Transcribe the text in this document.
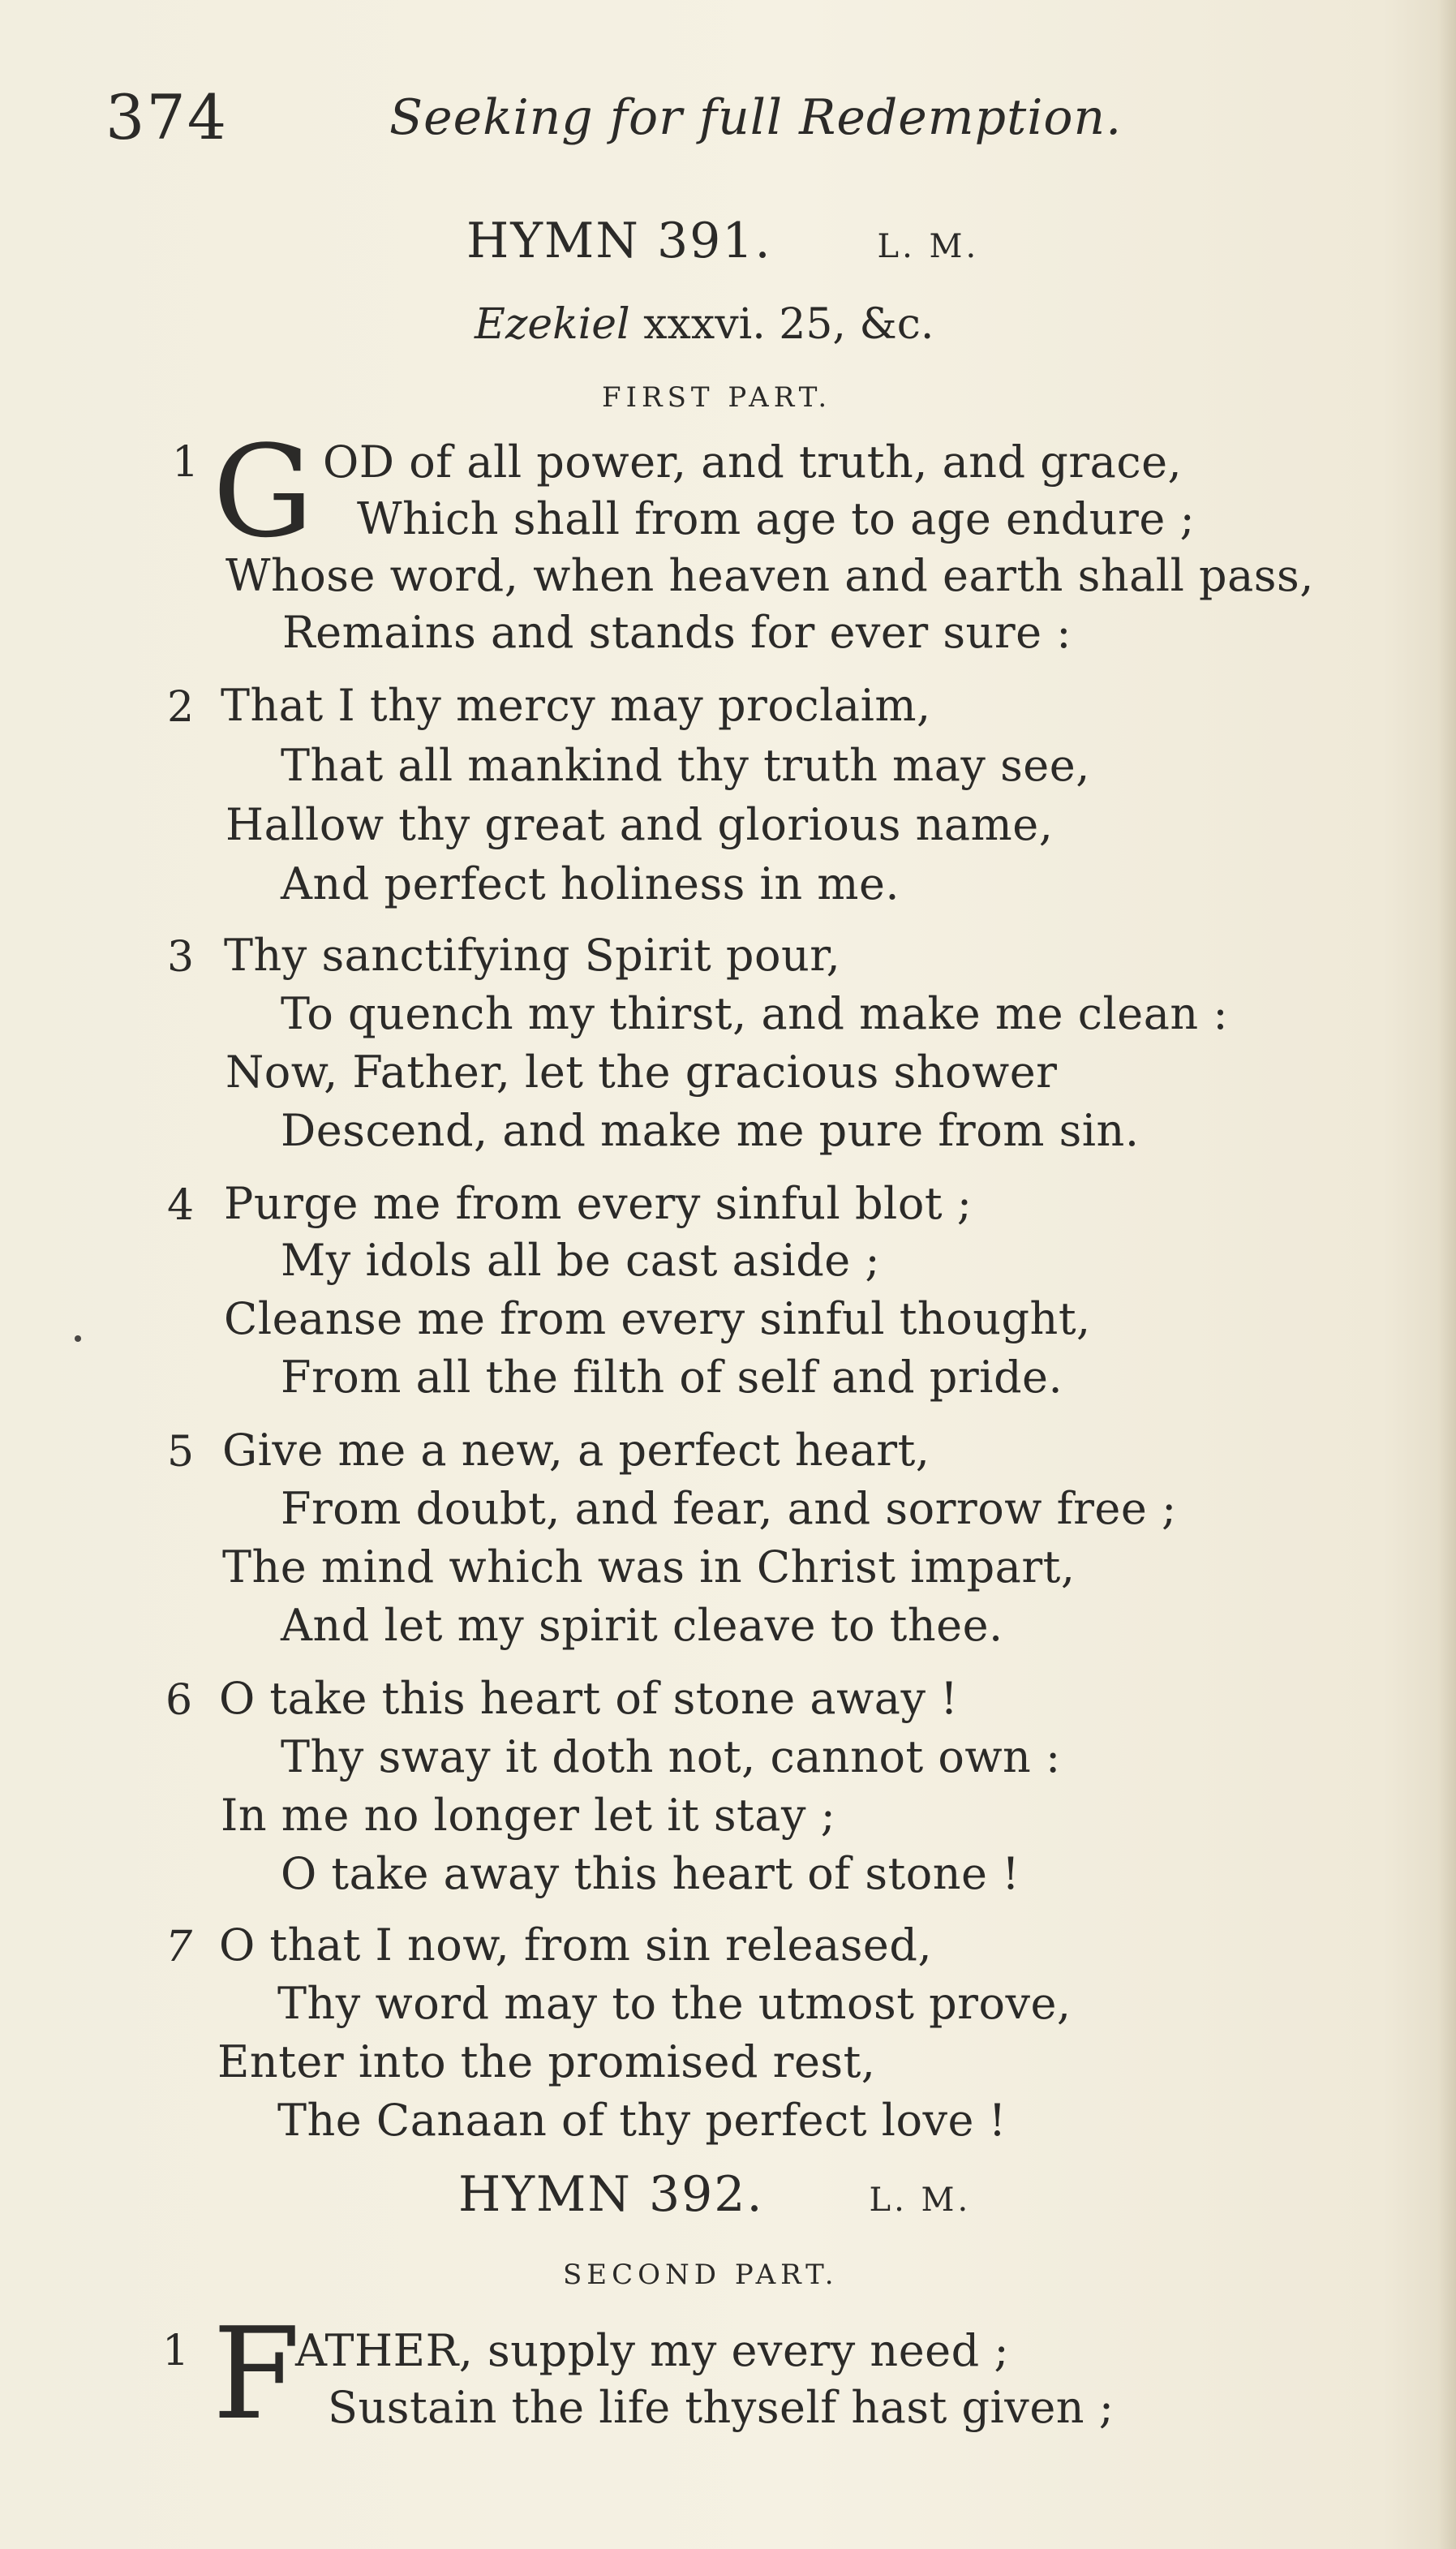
374	Seeking for full Redemption.
HYMN 391.	L. M.
Ezekiel xxxvi. 25, &c.
FIRST PART.
1 G OD of all power, and truth, and grace,
Which shall from age to age endure ;
Whose word, when heaven and earth shall pass,
Remains and stands for ever sure :
2 That I thy mercy may proclaim,
That all mankind thy truth may see,
Hallow thy great and glorious name,
And perfect holiness in me.
3 Thy sanctifying Spirit pour,
To quench my thirst, and make me clean :
Now, Father, let the gracious shower
Descend, and make me pure from sin.
4 Purge me from every sinful blot ;
My idols all be cast aside ;
Cleanse me from every sinful thought,
From all the filth of self and pride.
5 Give me a new, a perfect heart,
From doubt, and fear, and sorrow free ;
The mind which was in Christ impart,
And let my spirit cleave to thee.
6 O take this heart of stone away !
Thy sway it doth not, cannot own :
In me no longer let it stay ;
O take away this heart of stone !
7 O that I now, from sin released,
Thy word may to the utmost prove,
Enter into the promised rest,
The Canaan of thy perfect love !
HYMN 392.	L. M.
SECOND PART.
1 F
ATHER, supply my every need ;
Sustain the life thyself hast given ;
